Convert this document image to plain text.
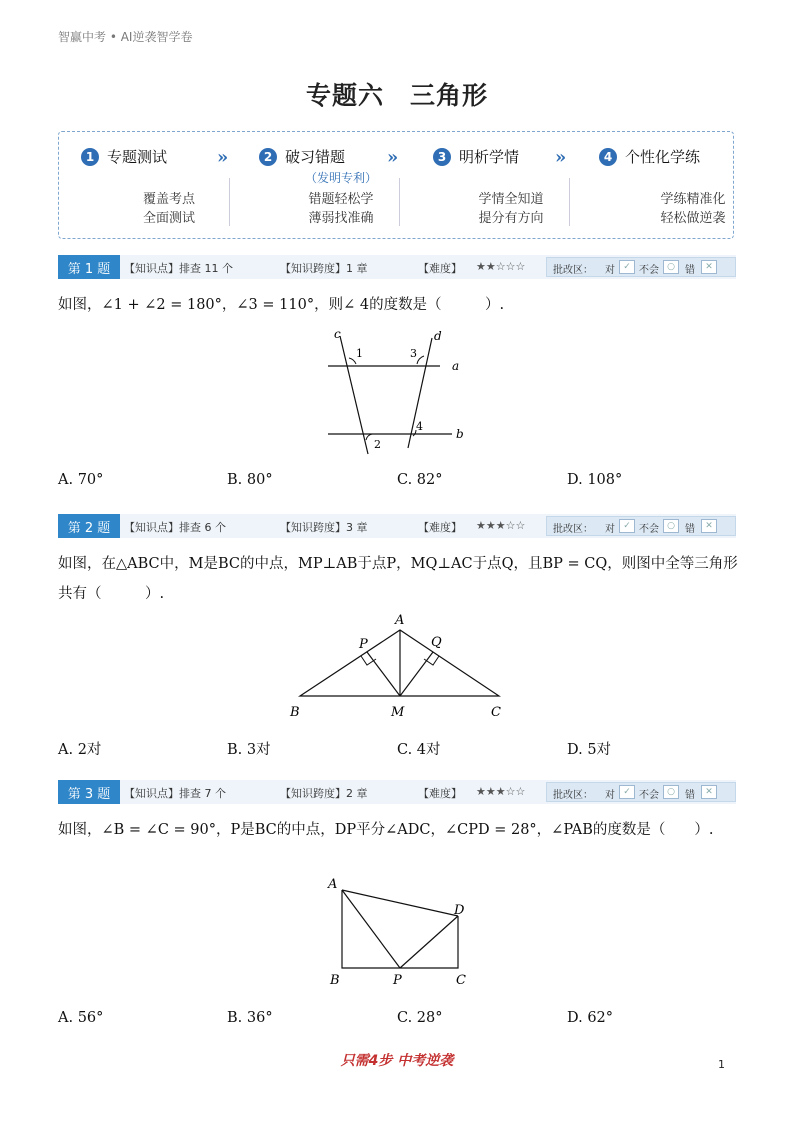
智赢中考 • AI逆袭智学卷
专题六　三角形
1 专题测试	»	2 破习错题
（发明专利）
»	3 明析学情 »	4 个性化学练
覆盖考点
全面测试
错题轻松学
薄弱找准确
学情全知道
提分有方向
学练精准化
轻松做逆袭
第 1 题	【知识点】排查 11 个	【知识跨度】1 章	【难度】 ★★☆☆☆	批改区： 对 ✓ 不会 ○	错	✕
如图，∠1 + ∠2 = 180°，∠3 = 110°，则∠ 4的度数是（　　　）.
c	d
a
b
1	3
2
4
A. 70°	B. 80°	C. 82°	D. 108°
第 2 题	【知识点】排查 6 个	【知识跨度】3 章	【难度】 ★★★☆☆	批改区： 对 ✓ 不会 ○	错	✕
如图，在△ABC中，M是BC的中点，MP⊥AB于点P，MQ⊥AC于点Q，且BP = CQ，则图中全等三角形共有（　　　）.
A
P	Q
B	M	C
A. 2对	B. 3对	C. 4对	D. 5对
第 3 题	【知识点】排查 7 个	【知识跨度】2 章	【难度】 ★★★☆☆	批改区： 对 ✓ 不会 ○	错	✕
如图，∠B = ∠C = 90°，P是BC的中点，DP平分∠ADC，∠CPD = 28°，∠PAB的度数是（　　）.
A
D
B	P	C
A. 56°	B. 36°	C. 28°	D. 62°
只需4步 中考逆袭	1
